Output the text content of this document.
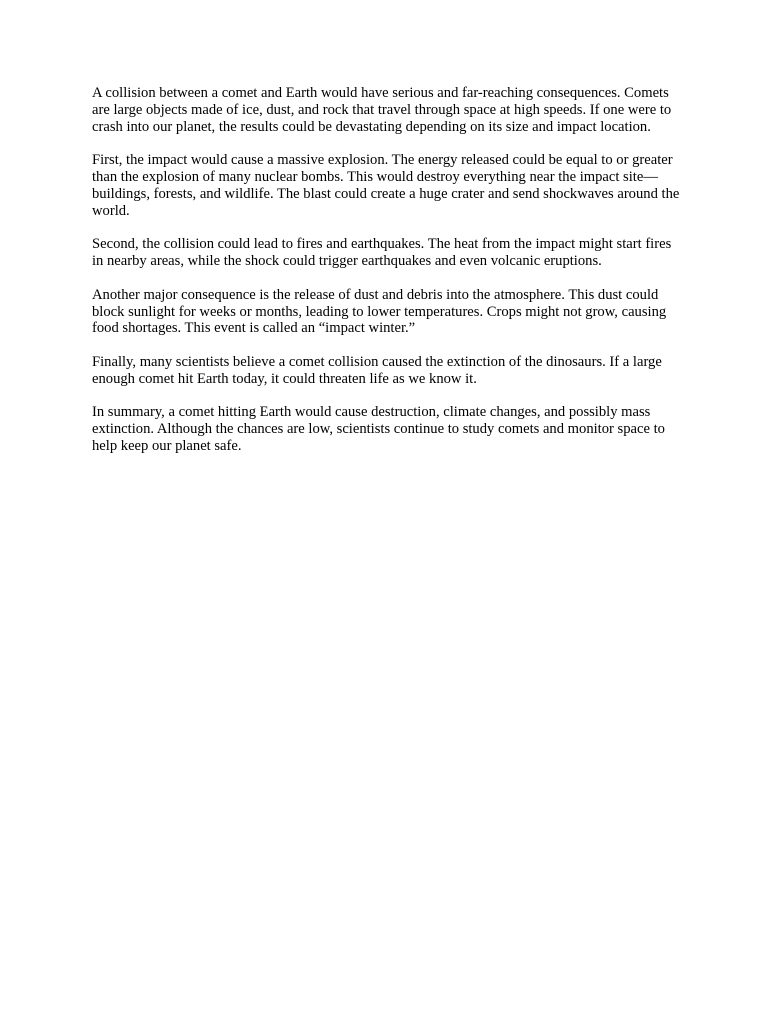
A collision between a comet and Earth would have serious and far-reaching consequences. Comets are large objects made of ice, dust, and rock that travel through space at high speeds. If one were to crash into our planet, the results could be devastating depending on its size and impact location.

First, the impact would cause a massive explosion. The energy released could be equal to or greater than the explosion of many nuclear bombs. This would destroy everything near the impact site—buildings, forests, and wildlife. The blast could create a huge crater and send shockwaves around the world.

Second, the collision could lead to fires and earthquakes. The heat from the impact might start fires in nearby areas, while the shock could trigger earthquakes and even volcanic eruptions.

Another major consequence is the release of dust and debris into the atmosphere. This dust could block sunlight for weeks or months, leading to lower temperatures. Crops might not grow, causing food shortages. This event is called an “impact winter.”

Finally, many scientists believe a comet collision caused the extinction of the dinosaurs. If a large enough comet hit Earth today, it could threaten life as we know it.

In summary, a comet hitting Earth would cause destruction, climate changes, and possibly mass extinction. Although the chances are low, scientists continue to study comets and monitor space to help keep our planet safe.
